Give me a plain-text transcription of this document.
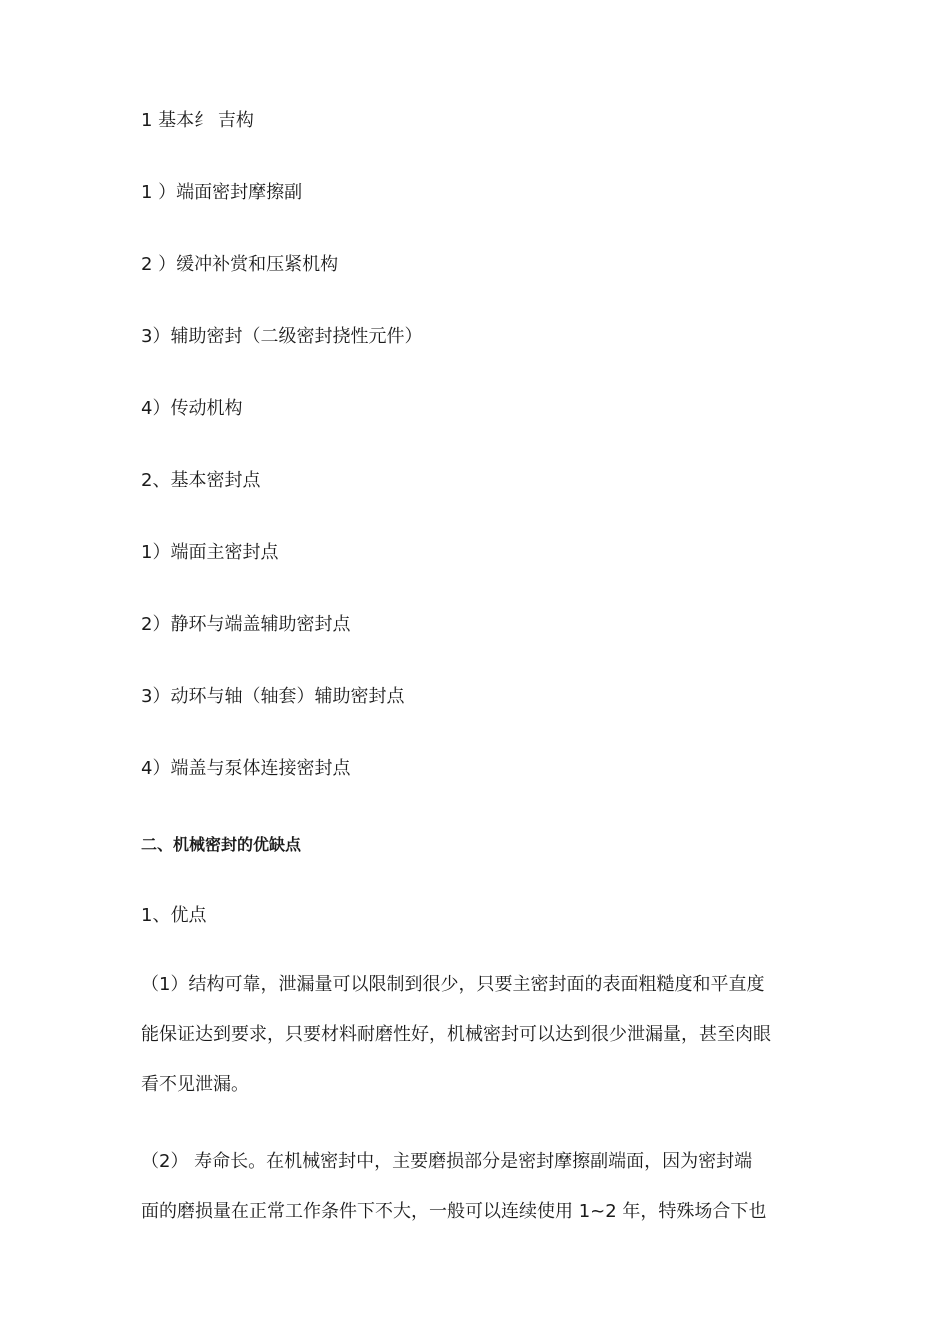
1 基本纟 吉构

1 ）端面密封摩擦副

2 ）缓冲补赏和压紧机构

3）辅助密封（二级密封挠性元件）

4）传动机构

2、基本密封点

1）端面主密封点

2）静环与端盖辅助密封点

3）动环与轴（轴套）辅助密封点

4）端盖与泵体连接密封点

二、机械密封的优缺点

1、优点

（1）结构可靠，泄漏量可以限制到很少，只要主密封面的表面粗糙度和平直度
能保证达到要求，只要材料耐磨性好，机械密封可以达到很少泄漏量，甚至肉眼
看不见泄漏。
（2） 寿命长。在机械密封中，主要磨损部分是密封摩擦副端面，因为密封端
面的磨损量在正常工作条件下不大，一般可以连续使用 1~2 年，特殊场合下也
